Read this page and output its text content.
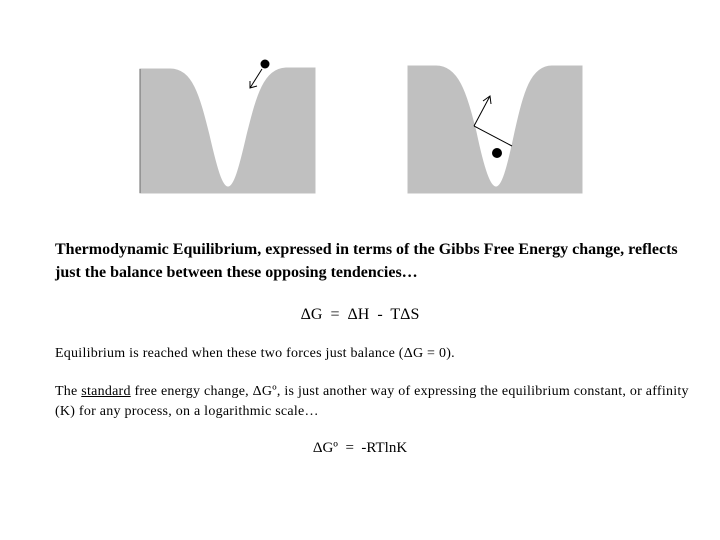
Thermodynamic Equilibrium, expressed in terms of the Gibbs Free Energy change, reflects just the balance between these opposing tendencies…
ΔG  =  ΔH  -  TΔS
Equilibrium is reached when these two forces just balance (ΔG = 0).
The standard free energy change, ΔGº, is just another way of expressing the equilibrium constant, or affinity (K) for any process, on a logarithmic scale…
ΔGº  =  -RTlnK
